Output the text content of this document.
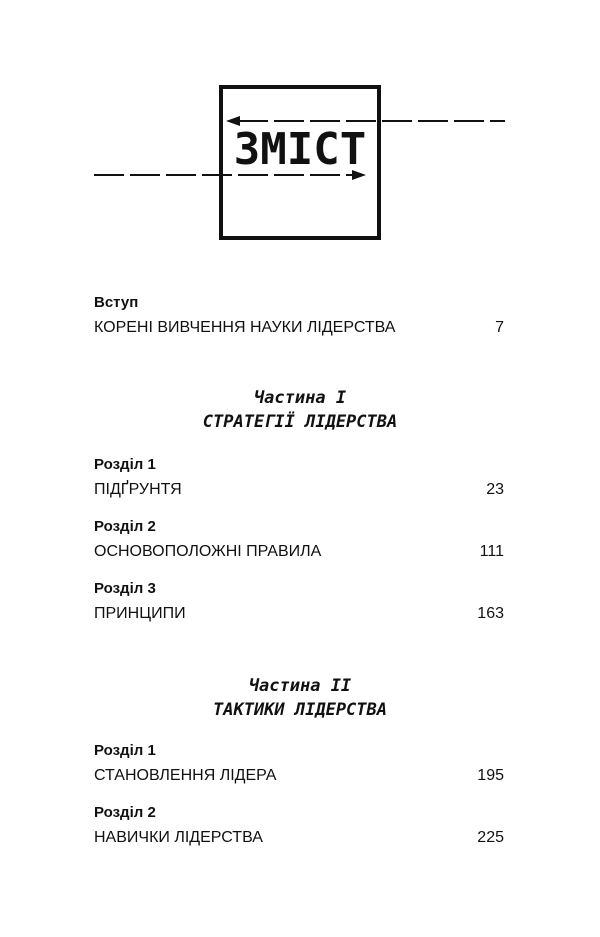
ЗМІСТ
Вступ
КОРЕНІ ВИВЧЕННЯ НАУКИ ЛІДЕРСТВА	7
Частина I
СТРАТЕГІЇ ЛІДЕРСТВА
Розділ 1
ПІДҐРУНТЯ	23
Розділ 2
ОСНОВОПОЛОЖНІ ПРАВИЛА	111
Розділ 3
ПРИНЦИПИ	163
Частина II
ТАКТИКИ ЛІДЕРСТВА
Розділ 1
СТАНОВЛЕННЯ ЛІДЕРА	195
Розділ 2
НАВИЧКИ ЛІДЕРСТВА	225
